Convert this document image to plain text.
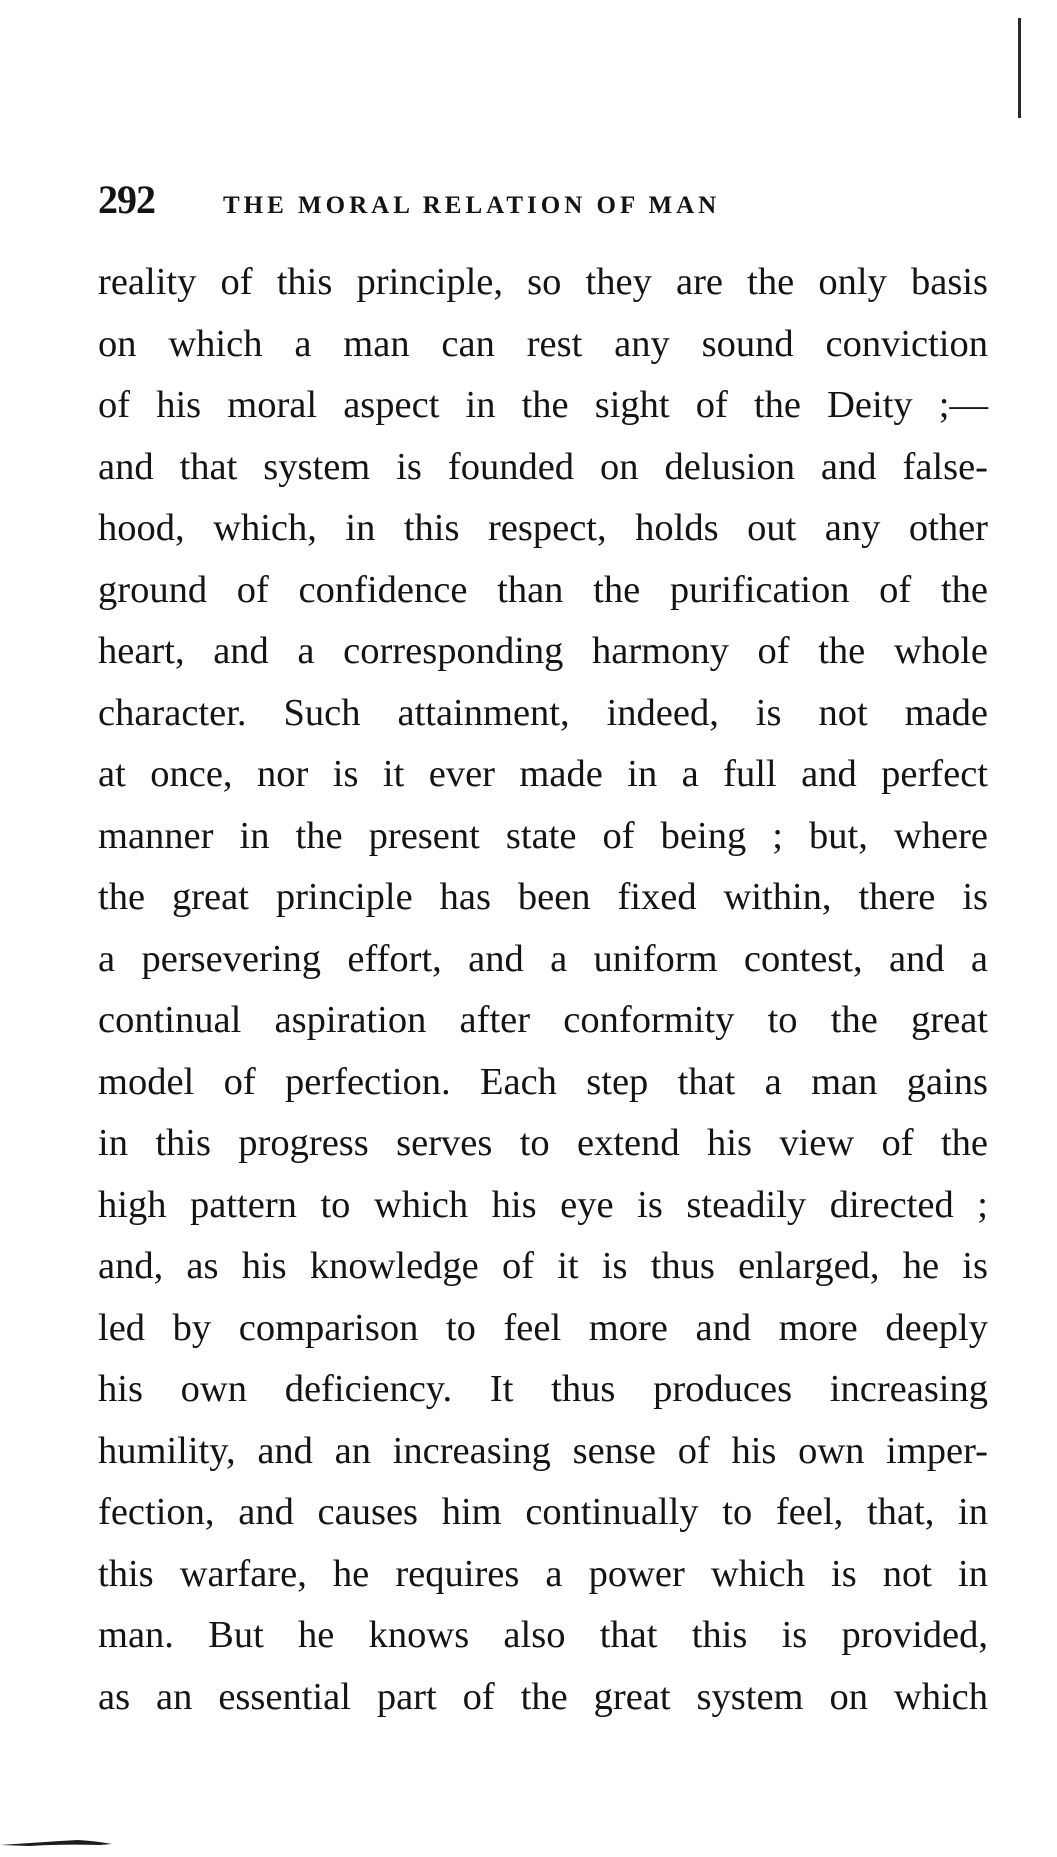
292	THE MORAL RELATION OF MAN
reality of this principle, so they are the only basis
on which a man can rest any sound conviction
of his moral aspect in the sight of the Deity ;—
and that system is founded on delusion and false-
hood, which, in this respect, holds out any other
ground of confidence than the purification of the
heart, and a corresponding harmony of the whole
character. Such attainment, indeed, is not made
at once, nor is it ever made in a full and perfect
manner in the present state of being ; but, where
the great principle has been fixed within, there is
a persevering effort, and a uniform contest, and a
continual aspiration after conformity to the great
model of perfection. Each step that a man gains
in this progress serves to extend his view of the
high pattern to which his eye is steadily directed ;
and, as his knowledge of it is thus enlarged, he is
led by comparison to feel more and more deeply
his own deficiency. It thus produces increasing
humility, and an increasing sense of his own imper-
fection, and causes him continually to feel, that, in
this warfare, he requires a power which is not in
man. But he knows also that this is provided,
as an essential part of the great system on which
